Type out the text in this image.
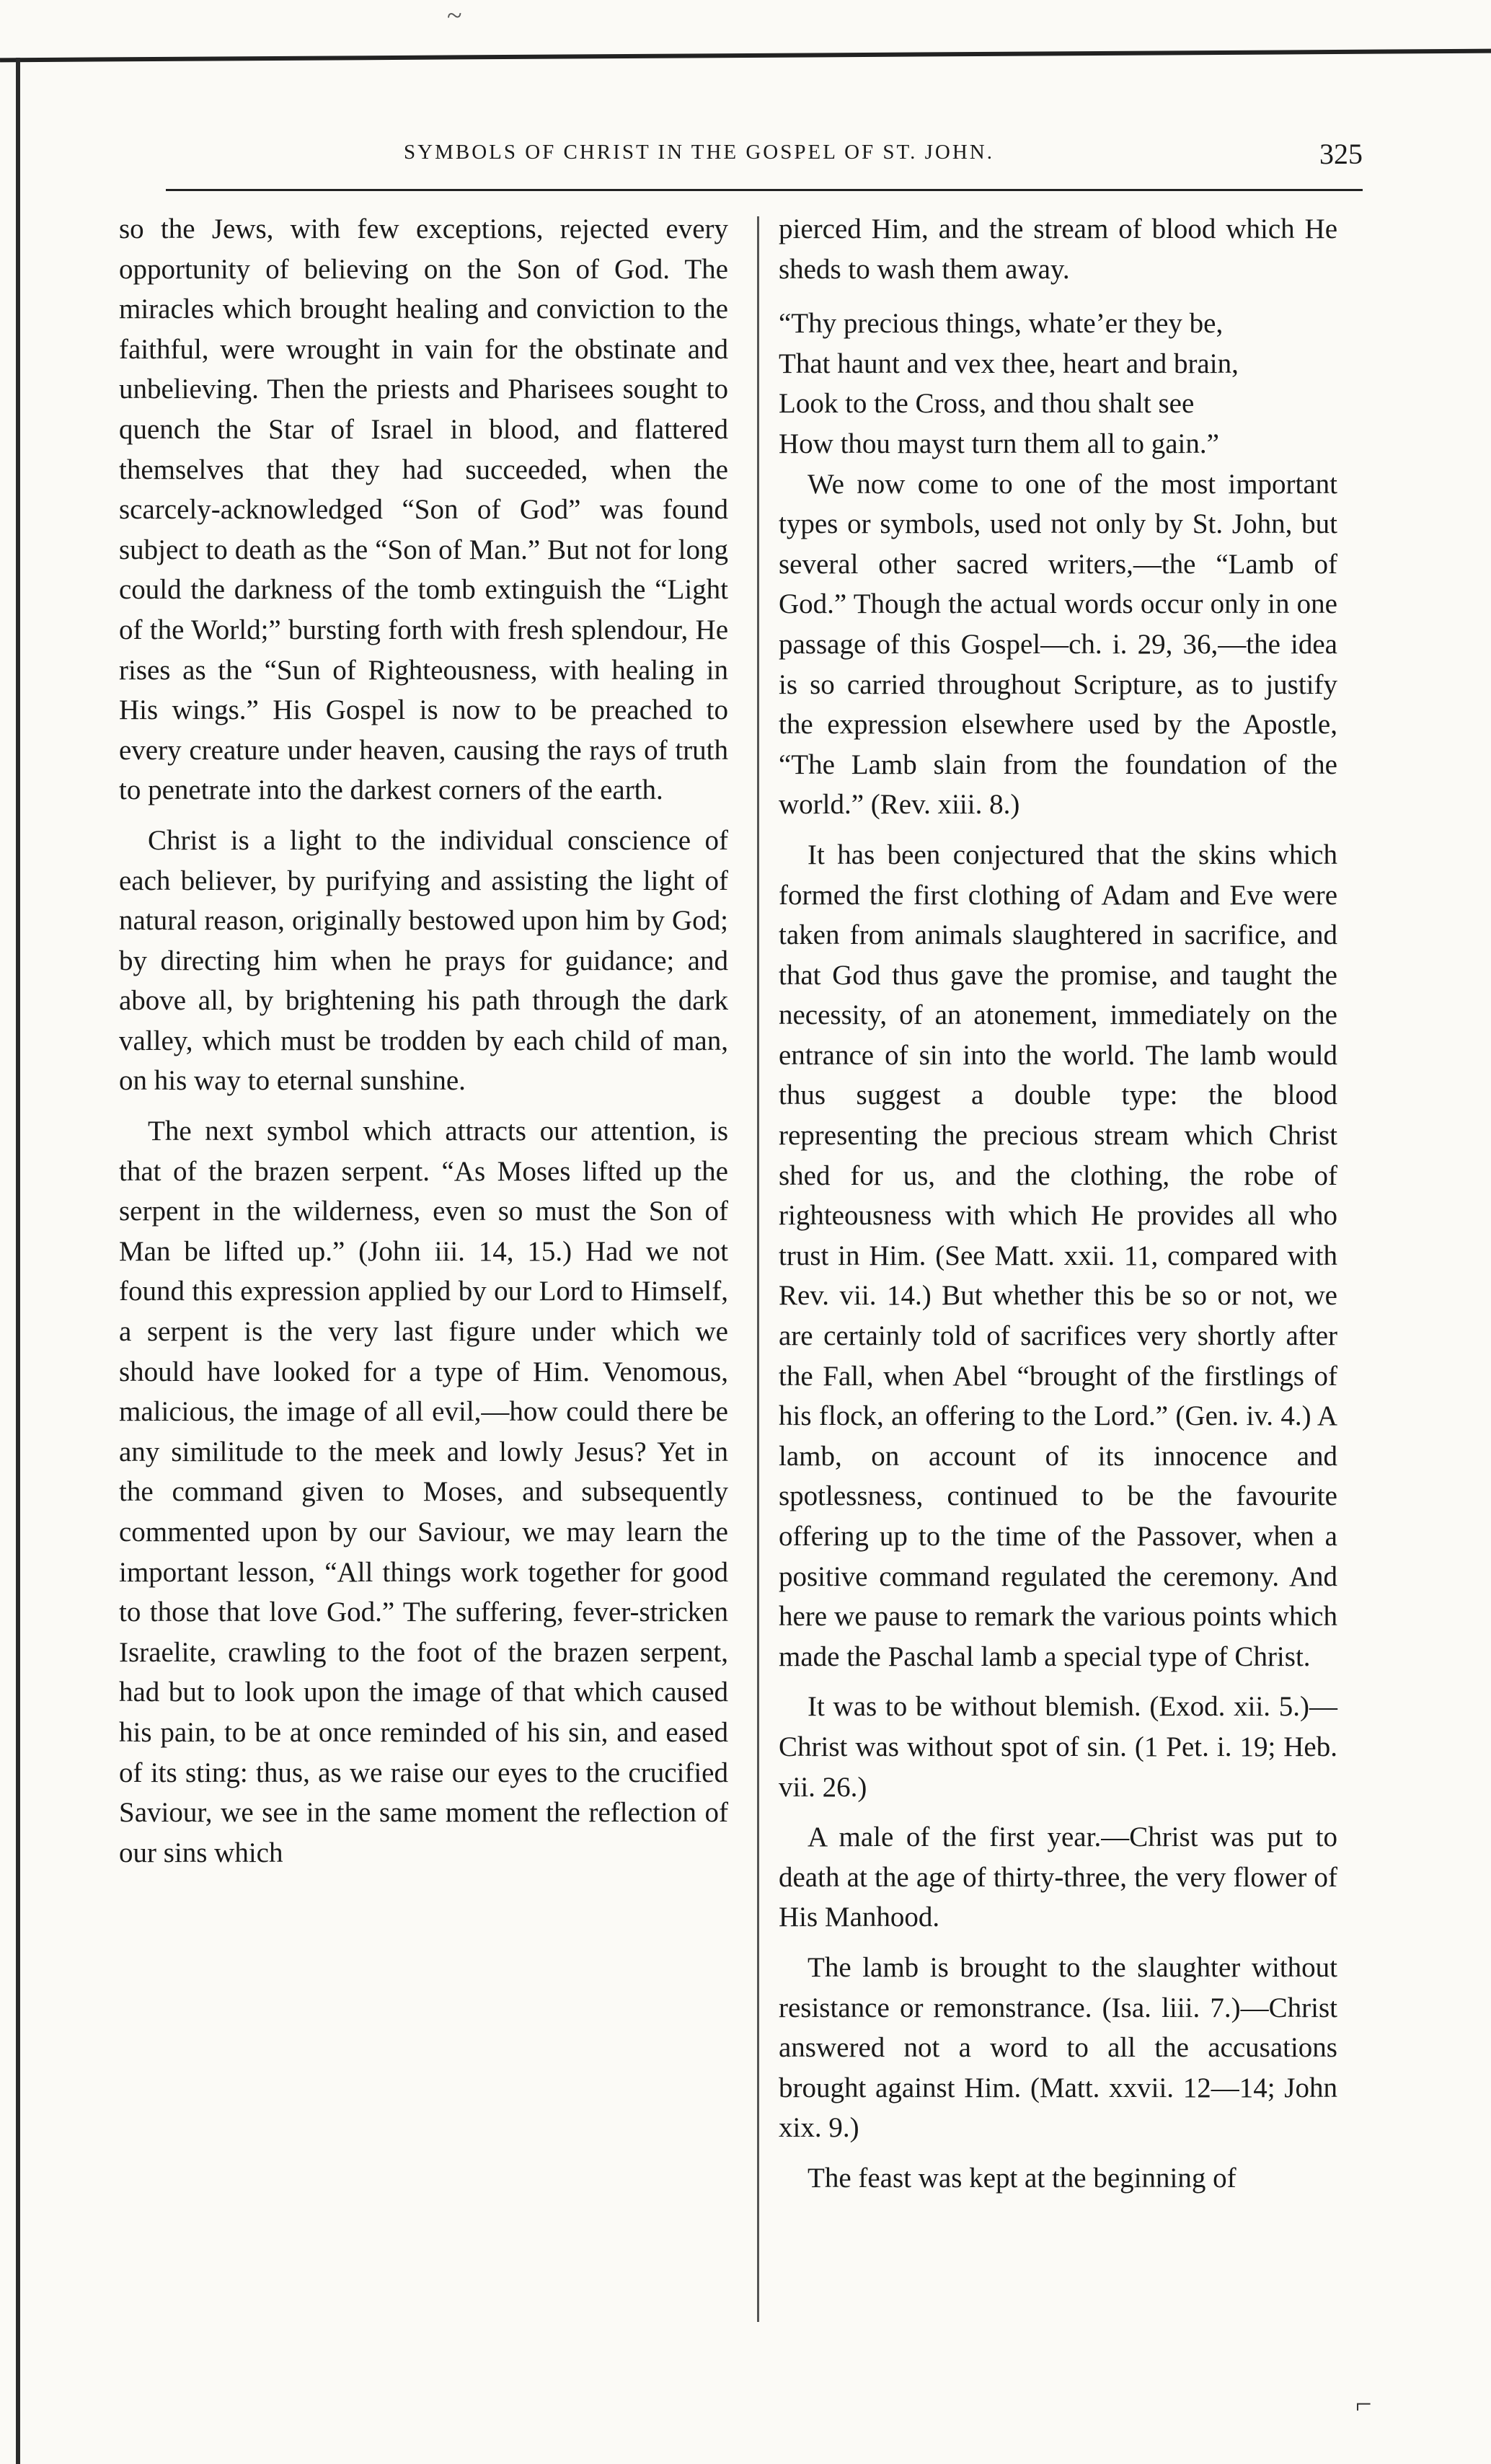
~
SYMBOLS OF CHRIST IN THE GOSPEL OF ST. JOHN.	325

so the Jews, with few exceptions, rejected every opportunity of believing on the Son of God. The miracles which brought healing and conviction to the faithful, were wrought in vain for the obstinate and unbelieving. Then the priests and Pharisees sought to quench the Star of Israel in blood, and flattered themselves that they had succeeded, when the scarcely-acknowledged “Son of God” was found subject to death as the “Son of Man.” But not for long could the darkness of the tomb extinguish the “Light of the World;” bursting forth with fresh splendour, He rises as the “Sun of Righteousness, with healing in His wings.” His Gospel is now to be preached to every creature under heaven, causing the rays of truth to penetrate into the darkest corners of the earth.

Christ is a light to the individual conscience of each believer, by purifying and assisting the light of natural reason, originally bestowed upon him by God; by directing him when he prays for guidance; and above all, by brightening his path through the dark valley, which must be trodden by each child of man, on his way to eternal sunshine.

The next symbol which attracts our attention, is that of the brazen serpent. “As Moses lifted up the serpent in the wilderness, even so must the Son of Man be lifted up.” (John iii. 14, 15.) Had we not found this expression applied by our Lord to Himself, a serpent is the very last figure under which we should have looked for a type of Him. Venomous, malicious, the image of all evil,—how could there be any similitude to the meek and lowly Jesus? Yet in the command given to Moses, and subsequently commented upon by our Saviour, we may learn the important lesson, “All things work together for good to those that love God.” The suffering, fever-stricken Israelite, crawling to the foot of the brazen serpent, had but to look upon the image of that which caused his pain, to be at once reminded of his sin, and eased of its sting: thus, as we raise our eyes to the crucified Saviour, we see in the same moment the reflection of our sins which

pierced Him, and the stream of blood which He sheds to wash them away.

“Thy precious things, whate’er they be,
That haunt and vex thee, heart and brain,
Look to the Cross, and thou shalt see
How thou mayst turn them all to gain.”

We now come to one of the most important types or symbols, used not only by St. John, but several other sacred writers,—the “Lamb of God.” Though the actual words occur only in one passage of this Gospel—ch. i. 29, 36,—the idea is so carried throughout Scripture, as to justify the expression elsewhere used by the Apostle, “The Lamb slain from the foundation of the world.” (Rev. xiii. 8.)

It has been conjectured that the skins which formed the first clothing of Adam and Eve were taken from animals slaughtered in sacrifice, and that God thus gave the promise, and taught the necessity, of an atonement, immediately on the entrance of sin into the world. The lamb would thus suggest a double type: the blood representing the precious stream which Christ shed for us, and the clothing, the robe of righteousness with which He provides all who trust in Him. (See Matt. xxii. 11, compared with Rev. vii. 14.) But whether this be so or not, we are certainly told of sacrifices very shortly after the Fall, when Abel “brought of the firstlings of his flock, an offering to the Lord.” (Gen. iv. 4.) A lamb, on account of its innocence and spotlessness, continued to be the favourite offering up to the time of the Passover, when a positive command regulated the ceremony. And here we pause to remark the various points which made the Paschal lamb a special type of Christ.

It was to be without blemish. (Exod. xii. 5.)—Christ was without spot of sin. (1 Pet. i. 19; Heb. vii. 26.)

A male of the first year.—Christ was put to death at the age of thirty-three, the very flower of His Manhood.

The lamb is brought to the slaughter without resistance or remonstrance. (Isa. liii. 7.)—Christ answered not a word to all the accusations brought against Him. (Matt. xxvii. 12—14; John xix. 9.)

The feast was kept at the beginning of

⌐
